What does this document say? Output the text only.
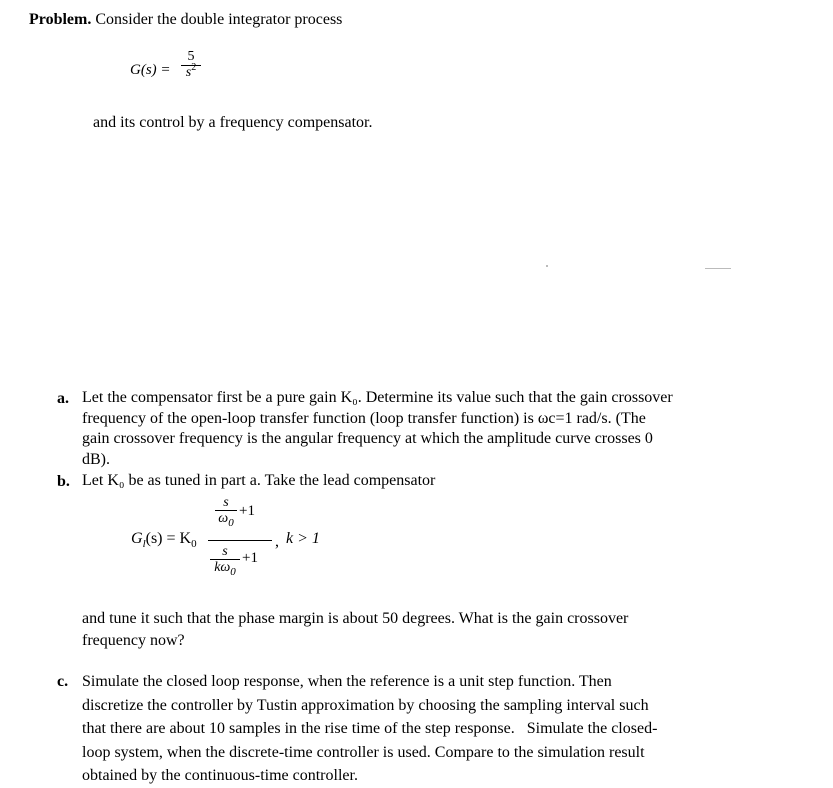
Problem. Consider the double integrator process
G(s) =
5
$s^2$
and its control by a frequency compensator.
a. Let the compensator first be a pure gain K₀. Determine its value such that the gain crossover
frequency of the open-loop transfer function (loop transfer function) is ωc=1 rad/s. (The
gain crossover frequency is the angular frequency at which the amplitude curve crosses 0
dB).
b. Let K₀ be as tuned in part a. Take the lead compensator
$G_l(s) = K_0$
s
$\omega_0$
+1
s
$k\omega_0$
+1
, k > 1
and tune it such that the phase margin is about 50 degrees. What is the gain crossover
frequency now?
c. Simulate the closed loop response, when the reference is a unit step function. Then
discretize the controller by Tustin approximation by choosing the sampling interval such
that there are about 10 samples in the rise time of the step response.   Simulate the closed-
loop system, when the discrete-time controller is used. Compare to the simulation result
obtained by the continuous-time controller.
